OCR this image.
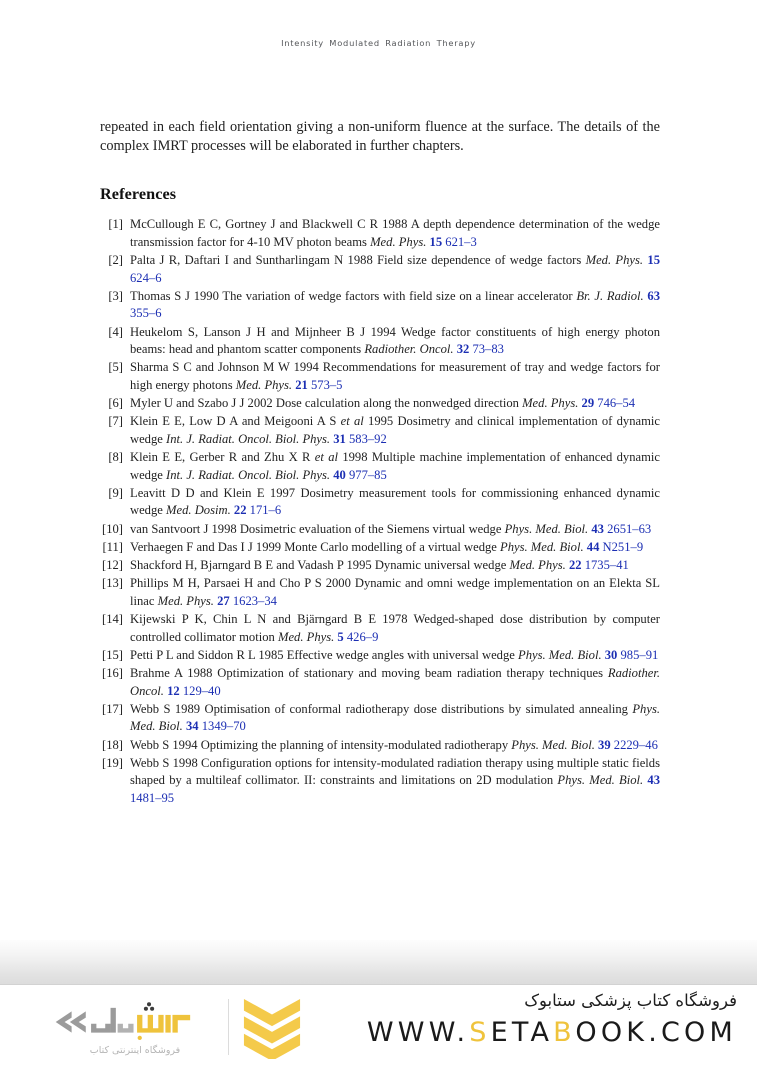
Intensity Modulated Radiation Therapy

repeated in each field orientation giving a non-uniform fluence at the surface. The details of the complex IMRT processes will be elaborated in further chapters.

References
[1] McCullough E C, Gortney J and Blackwell C R 1988 A depth dependence determination of the wedge transmission factor for 4-10 MV photon beams Med. Phys. 15 621–3
[2] Palta J R, Daftari I and Suntharlingam N 1988 Field size dependence of wedge factors Med. Phys. 15 624–6
[3] Thomas S J 1990 The variation of wedge factors with field size on a linear accelerator Br. J. Radiol. 63 355–6
[4] Heukelom S, Lanson J H and Mijnheer B J 1994 Wedge factor constituents of high energy photon beams: head and phantom scatter components Radiother. Oncol. 32 73–83
[5] Sharma S C and Johnson M W 1994 Recommendations for measurement of tray and wedge factors for high energy photons Med. Phys. 21 573–5
[6] Myler U and Szabo J J 2002 Dose calculation along the nonwedged direction Med. Phys. 29 746–54
[7] Klein E E, Low D A and Meigooni A S et al 1995 Dosimetry and clinical implementation of dynamic wedge Int. J. Radiat. Oncol. Biol. Phys. 31 583–92
[8] Klein E E, Gerber R and Zhu X R et al 1998 Multiple machine implementation of enhanced dynamic wedge Int. J. Radiat. Oncol. Biol. Phys. 40 977–85
[9] Leavitt D D and Klein E 1997 Dosimetry measurement tools for commissioning enhanced dynamic wedge Med. Dosim. 22 171–6
[10] van Santvoort J 1998 Dosimetric evaluation of the Siemens virtual wedge Phys. Med. Biol. 43 2651–63
[11] Verhaegen F and Das I J 1999 Monte Carlo modelling of a virtual wedge Phys. Med. Biol. 44 N251–9
[12] Shackford H, Bjarngard B E and Vadash P 1995 Dynamic universal wedge Med. Phys. 22 1735–41
[13] Phillips M H, Parsaei H and Cho P S 2000 Dynamic and omni wedge implementation on an Elekta SL linac Med. Phys. 27 1623–34
[14] Kijewski P K, Chin L N and Bjärngard B E 1978 Wedged-shaped dose distribution by computer controlled collimator motion Med. Phys. 5 426–9
[15] Petti P L and Siddon R L 1985 Effective wedge angles with universal wedge Phys. Med. Biol. 30 985–91
[16] Brahme A 1988 Optimization of stationary and moving beam radiation therapy techniques Radiother. Oncol. 12 129–40
[17] Webb S 1989 Optimisation of conformal radiotherapy dose distributions by simulated annealing Phys. Med. Biol. 34 1349–70
[18] Webb S 1994 Optimizing the planning of intensity-modulated radiotherapy Phys. Med. Biol. 39 2229–46
[19] Webb S 1998 Configuration options for intensity-modulated radiation therapy using multiple static fields shaped by a multileaf collimator. II: constraints and limitations on 2D modulation Phys. Med. Biol. 43 1481–95
فروشگاه اینترنتی کتاب
فروشگاه کتاب پزشکی ستابوک
WWW.SETABOOK.COM
